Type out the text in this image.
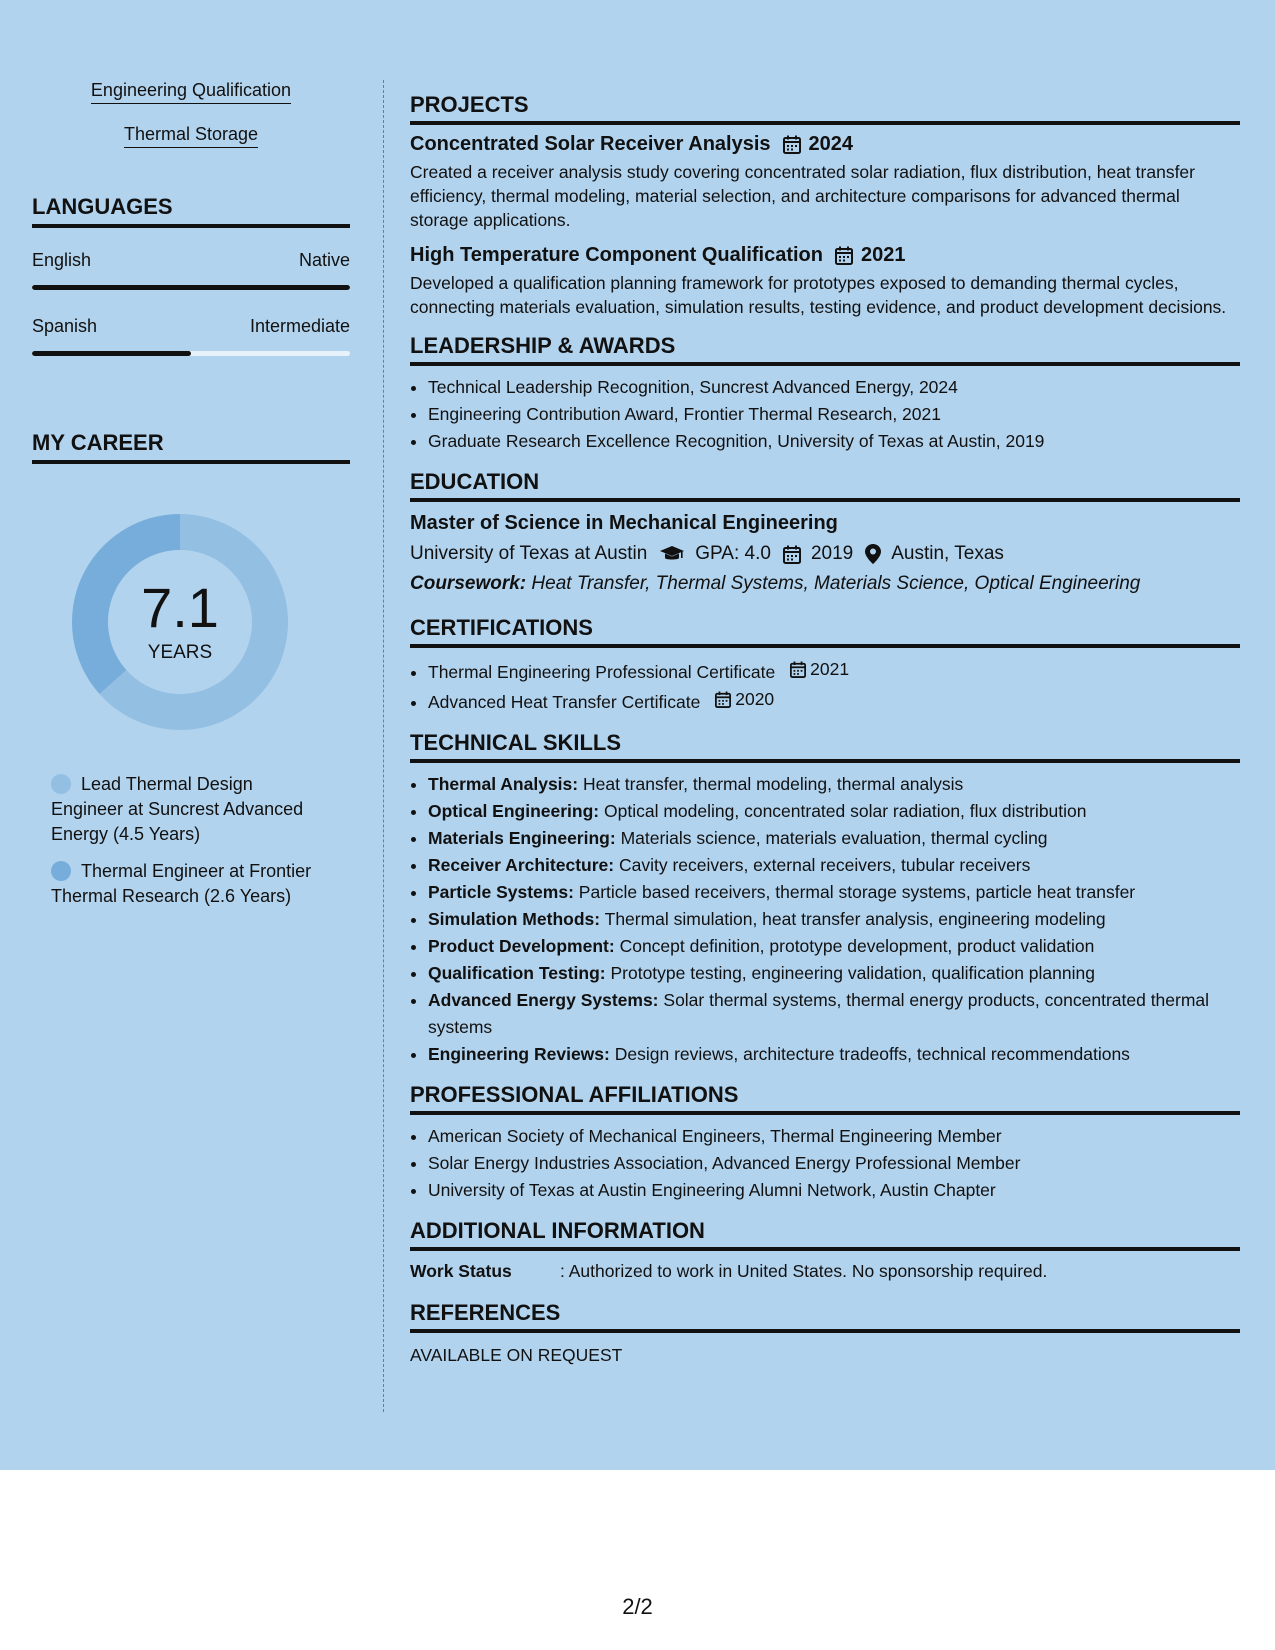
Engineering Qualification
Thermal Storage
LANGUAGES
English	Native
Spanish	Intermediate
MY CAREER
7.1
YEARS
Lead Thermal Design Engineer at Suncrest Advanced Energy (4.5 Years)
Thermal Engineer at Frontier Thermal Research (2.6 Years)
PROJECTS
Concentrated Solar Receiver Analysis 2024
Created a receiver analysis study covering concentrated solar radiation, flux distribution, heat transfer efficiency, thermal modeling, material selection, and architecture comparisons for advanced thermal storage applications.
High Temperature Component Qualification 2021
Developed a qualification planning framework for prototypes exposed to demanding thermal cycles, connecting materials evaluation, simulation results, testing evidence, and product development decisions.
LEADERSHIP & AWARDS
• Technical Leadership Recognition, Suncrest Advanced Energy, 2024
• Engineering Contribution Award, Frontier Thermal Research, 2021
• Graduate Research Excellence Recognition, University of Texas at Austin, 2019
EDUCATION
Master of Science in Mechanical Engineering
University of Texas at Austin	GPA: 4.0 2019 Austin, Texas
Coursework: Heat Transfer, Thermal Systems, Materials Science, Optical Engineering
CERTIFICATIONS
• Thermal Engineering Professional Certificate 2021
• Advanced Heat Transfer Certificate 2020
TECHNICAL SKILLS
• Thermal Analysis: Heat transfer, thermal modeling, thermal analysis
• Optical Engineering: Optical modeling, concentrated solar radiation, flux distribution
• Materials Engineering: Materials science, materials evaluation, thermal cycling
• Receiver Architecture: Cavity receivers, external receivers, tubular receivers
• Particle Systems: Particle based receivers, thermal storage systems, particle heat transfer
• Simulation Methods: Thermal simulation, heat transfer analysis, engineering modeling
• Product Development: Concept definition, prototype development, product validation
• Qualification Testing: Prototype testing, engineering validation, qualification planning
• Advanced Energy Systems: Solar thermal systems, thermal energy products, concentrated thermal systems
• Engineering Reviews: Design reviews, architecture tradeoffs, technical recommendations
PROFESSIONAL AFFILIATIONS
• American Society of Mechanical Engineers, Thermal Engineering Member
• Solar Energy Industries Association, Advanced Energy Professional Member
• University of Texas at Austin Engineering Alumni Network, Austin Chapter
ADDITIONAL INFORMATION
Work Status	: Authorized to work in United States. No sponsorship required.
REFERENCES
AVAILABLE ON REQUEST
2/2
